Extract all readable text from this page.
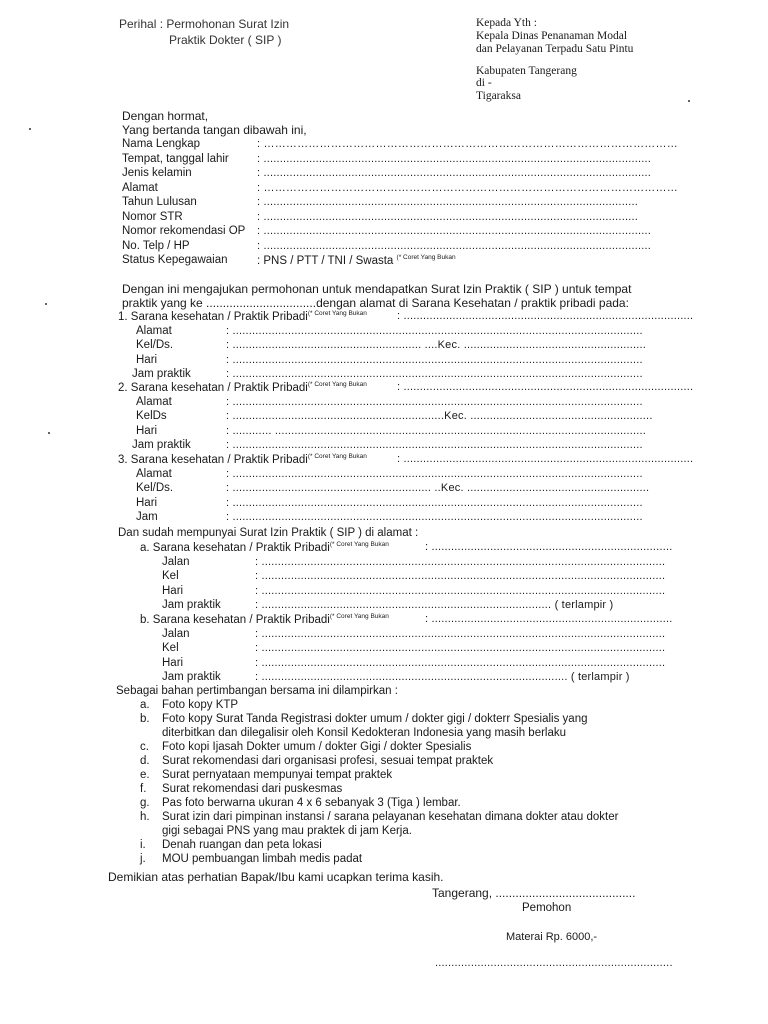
Perihal : Permohonan Surat Izin
Praktik Dokter ( SIP )
Kepada Yth :
Kepala Dinas Penanaman Modal
dan Pelayanan Terpadu Satu Pintu
Kabupaten Tangerang
di -
Tigaraksa
Dengan hormat,
Yang bertanda tangan dibawah ini,
Nama Lengkap	: …………………………………………………………………………………………………
Tempat, tanggal lahir	: .......................................................................................................................
Jenis kelamin	: .......................................................................................................................
Alamat	: …………………………………………………………………………………………………
Tahun Lulusan	: ...................................................................................................................
Nomor STR	: ...................................................................................................................
Nomor rekomendasi OP : .......................................................................................................................
No. Telp / HP	: .......................................................................................................................
Status Kepegawaian	: PNS / PTT / TNI / Swasta $^{(* Coret Yang Bukan}$
Dengan ini mengajukan permohonan untuk mendapatkan Surat Izin Praktik ( SIP ) untuk tempat
praktik yang ke .................................dengan alamat di Sarana Kesehatan / praktik pribadi pada:
1. Sarana kesehatan / Praktik Pribadi$^{(* Coret Yang Bukan}$	: .........................................................................................
Alamat	: ..............................................................................................................................
Kel/Ds.	: .......................................................... ....Kec. ........................................................
Hari	: ..............................................................................................................................
Jam praktik	: ..............................................................................................................................
2. Sarana kesehatan / Praktik Pribadi$^{(* Coret Yang Bukan}$	: .........................................................................................
Alamat	: ..............................................................................................................................
KelDs	: .................................................................Kec. ........................................................
Hari	: ............ ..................................................................................................................
Jam praktik	: ..............................................................................................................................
3. Sarana kesehatan / Praktik Pribadi$^{(* Coret Yang Bukan}$	: .........................................................................................
Alamat	: ..............................................................................................................................
Kel/Ds.	: ............................................................. ..Kec. ........................................................
Hari	: ..............................................................................................................................
Jam	: ..............................................................................................................................
Dan sudah mempunyai Surat Izin Praktik ( SIP ) di alamat :
a. Sarana kesehatan / Praktik Pribadi$^{(* Coret Yang Bukan}$	: ..........................................................................
Jalan	: ............................................................................................................................
Kel	: ............................................................................................................................
Hari	: ............................................................................................................................
Jam praktik	: ......................................................................................... ( terlampir )
b. Sarana kesehatan / Praktik Pribadi$^{(* Coret Yang Bukan}$	: ..........................................................................
Jalan	: ............................................................................................................................
Kel	: ............................................................................................................................
Hari	: ............................................................................................................................
Jam praktik	: .............................................................................................. ( terlampir )
Sebagai bahan pertimbangan bersama ini dilampirkan :
a. Foto kopy KTP
b. Foto kopy Surat Tanda Registrasi dokter umum / dokter gigi / dokterr Spesialis yang
diterbitkan dan dilegalisir oleh Konsil Kedokteran Indonesia yang masih berlaku
c. Foto kopi Ijasah Dokter umum / dokter Gigi / dokter Spesialis
d. Surat rekomendasi dari organisasi profesi, sesuai tempat praktek
e. Surat pernyataan mempunyai tempat praktek
f. Surat rekomendasi dari puskesmas
g. Pas foto berwarna ukuran 4 x 6 sebanyak 3 (Tiga ) lembar.
h. Surat izin dari pimpinan instansi / sarana pelayanan kesehatan dimana dokter atau dokter
gigi sebagai PNS yang mau praktek di jam Kerja.
i. Denah ruangan dan peta lokasi
j. MOU pembuangan limbah medis padat
Demikian atas perhatian Bapak/Ibu kami ucapkan terima kasih.
Tangerang, ..........................................
Pemohon
Materai Rp. 6000,-
.........................................................................
